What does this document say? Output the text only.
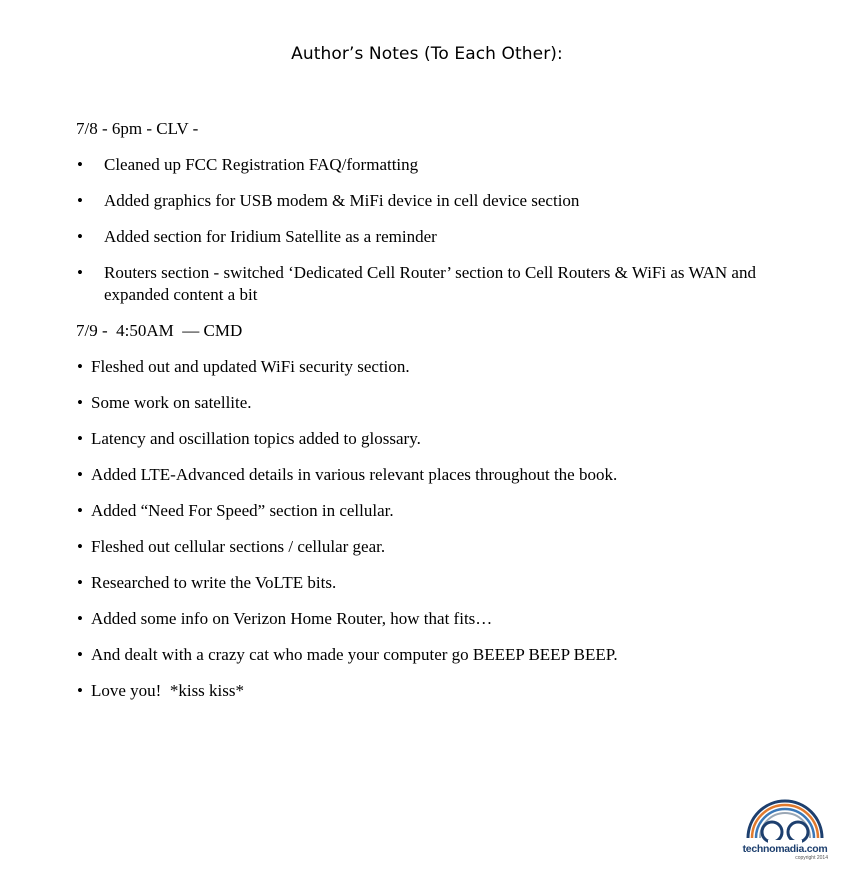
Author’s Notes (To Each Other):
7/8 - 6pm - CLV -
• Cleaned up FCC Registration FAQ/formatting
• Added graphics for USB modem & MiFi device in cell device section
• Added section for Iridium Satellite as a reminder
• Routers section - switched ‘Dedicated Cell Router’ section to Cell Routers & WiFi as WAN and expanded content a bit
7/9 -  4:50AM  — CMD
• Fleshed out and updated WiFi security section.
• Some work on satellite.
• Latency and oscillation topics added to glossary.
• Added LTE-Advanced details in various relevant places throughout the book.
• Added “Need For Speed” section in cellular.
• Fleshed out cellular sections / cellular gear.
• Researched to write the VoLTE bits.
• Added some info on Verizon Home Router, how that fits…
• And dealt with a crazy cat who made your computer go BEEEP BEEP BEEP.
• Love you!  *kiss kiss*
technomadia.com
copyright 2014
